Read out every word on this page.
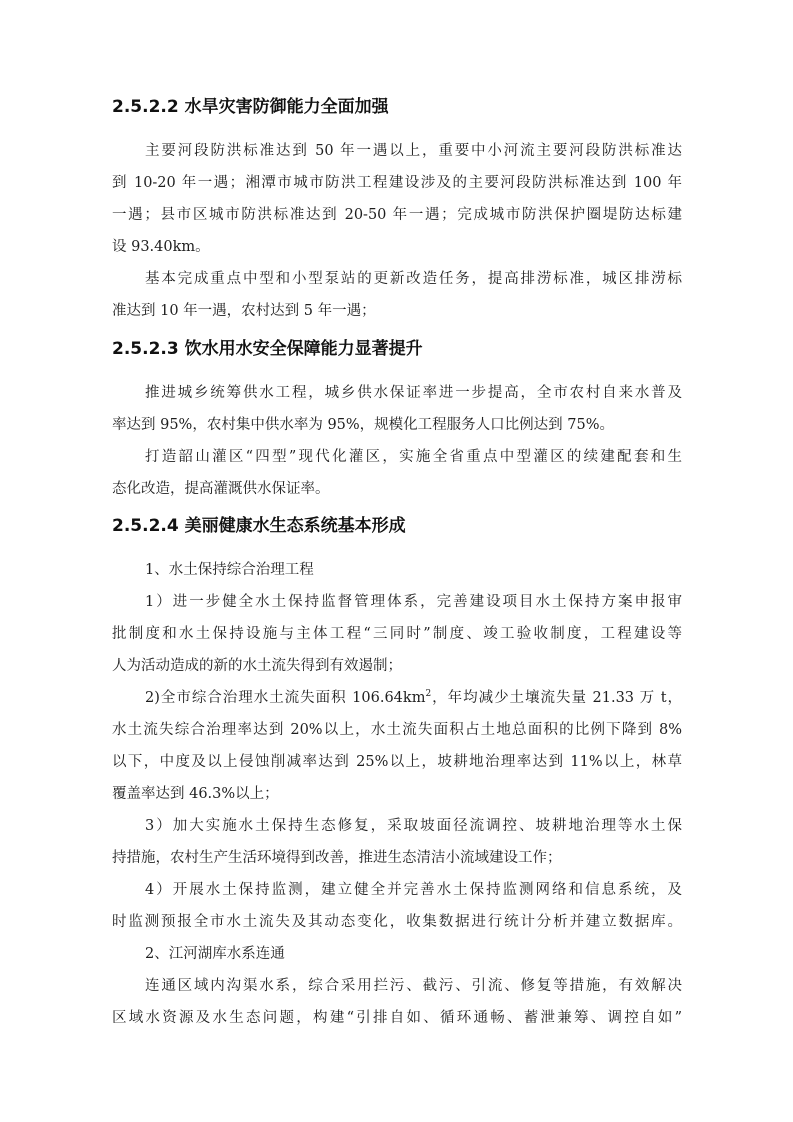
2.5.2.2 水旱灾害防御能力全面加强
主要河段防洪标准达到 50 年一遇以上，重要中小河流主要河段防洪标准达
到 10-20 年一遇；湘潭市城市防洪工程建设涉及的主要河段防洪标准达到 100 年
一遇；县市区城市防洪标准达到 20-50 年一遇；完成城市防洪保护圈堤防达标建
设 93.40km。
基本完成重点中型和小型泵站的更新改造任务，提高排涝标准，城区排涝标
准达到 10 年一遇，农村达到 5 年一遇；
2.5.2.3 饮水用水安全保障能力显著提升
推进城乡统筹供水工程，城乡供水保证率进一步提高，全市农村自来水普及
率达到 95%，农村集中供水率为 95%，规模化工程服务人口比例达到 75%。
打造韶山灌区“四型”现代化灌区，实施全省重点中型灌区的续建配套和生
态化改造，提高灌溉供水保证率。
2.5.2.4 美丽健康水生态系统基本形成
1、水土保持综合治理工程
1）进一步健全水土保持监督管理体系，完善建设项目水土保持方案申报审
批制度和水土保持设施与主体工程“三同时”制度、竣工验收制度，工程建设等
人为活动造成的新的水土流失得到有效遏制；
2)全市综合治理水土流失面积 $106.64km^2$，年均减少土壤流失量 21.33 万 t，
水土流失综合治理率达到 20%以上，水土流失面积占土地总面积的比例下降到 8%
以下，中度及以上侵蚀削减率达到 25%以上，坡耕地治理率达到 11%以上，林草
覆盖率达到 46.3%以上；
3）加大实施水土保持生态修复，采取坡面径流调控、坡耕地治理等水土保
持措施，农村生产生活环境得到改善，推进生态清洁小流域建设工作；
4）开展水土保持监测，建立健全并完善水土保持监测网络和信息系统，及
时监测预报全市水土流失及其动态变化，收集数据进行统计分析并建立数据库。
2、江河湖库水系连通
连通区域内沟渠水系，综合采用拦污、截污、引流、修复等措施，有效解决
区域水资源及水生态问题，构建“引排自如、循环通畅、蓄泄兼筹、调控自如”
